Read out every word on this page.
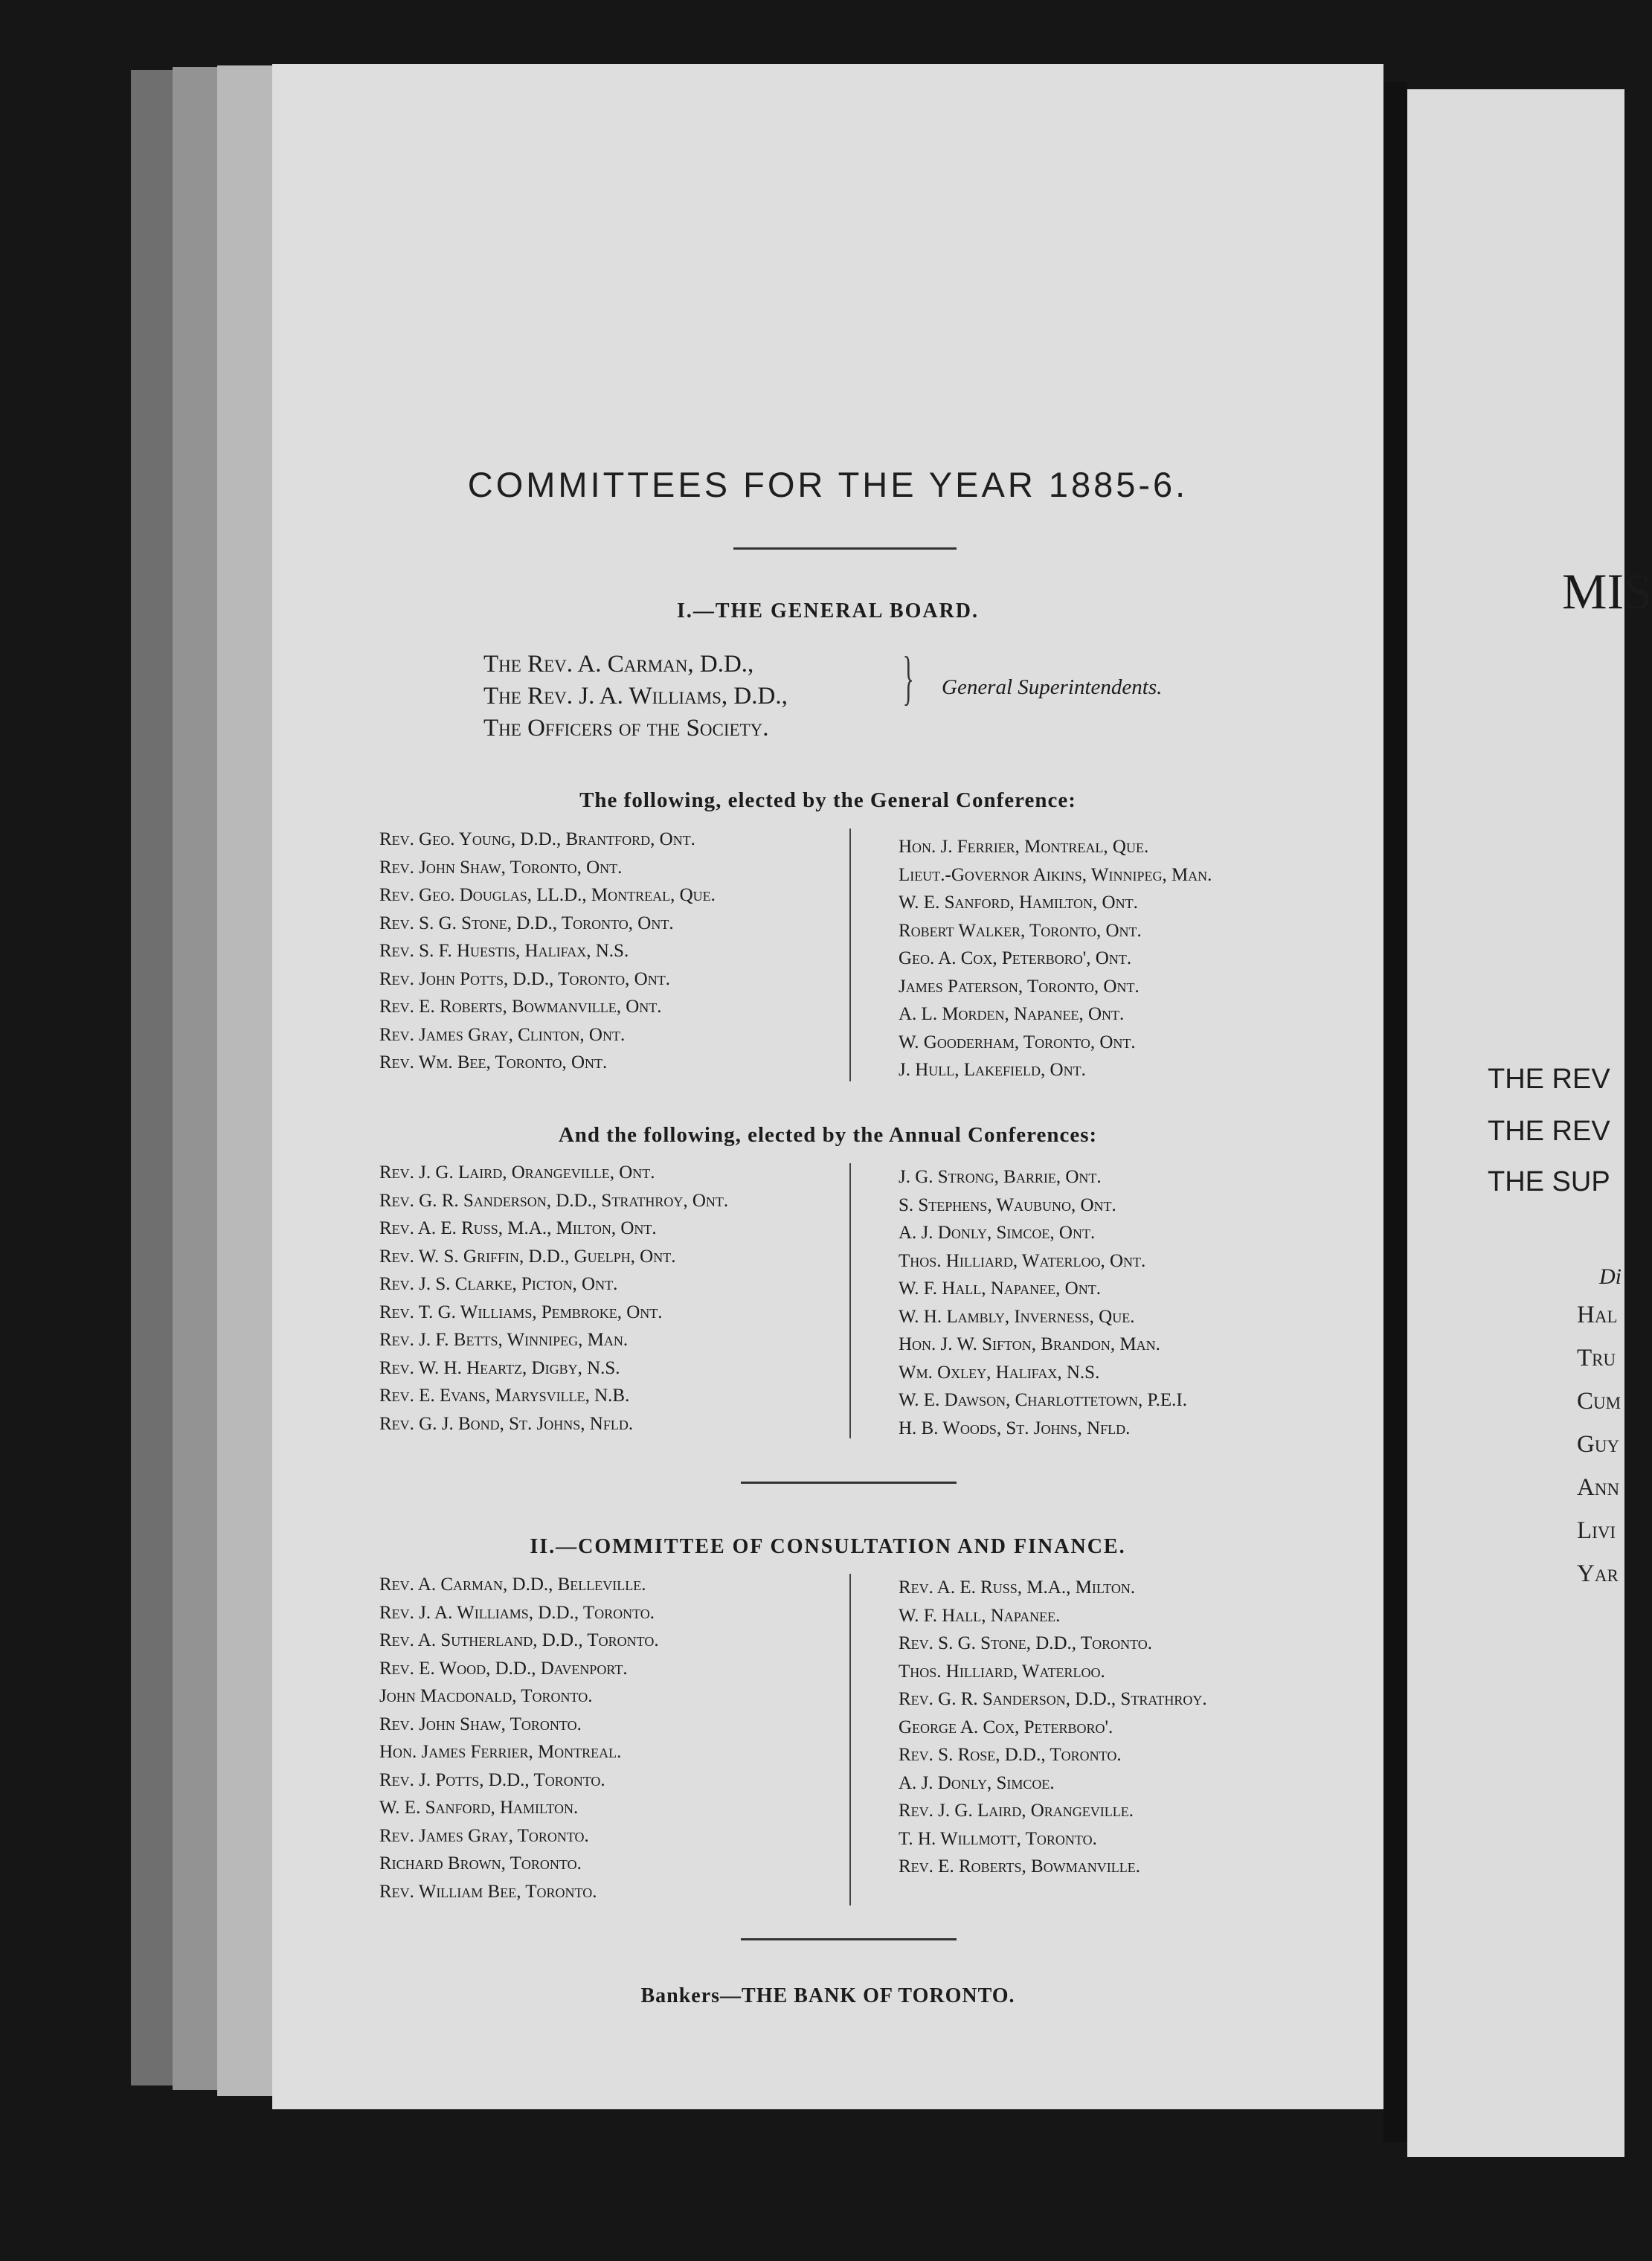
COMMITTEES FOR THE YEAR 1885-6.
I.—THE GENERAL BOARD.
The Rev. A. Carman, D.D.,
The Rev. J. A. Williams, D.D.,
The Officers of the Society.
} General Superintendents.
The following, elected by the General Conference:
Rev. Geo. Young, D.D., Brantford, Ont.
Rev. John Shaw, Toronto, Ont.
Rev. Geo. Douglas, LL.D., Montreal, Que.
Rev. S. G. Stone, D.D., Toronto, Ont.
Rev. S. F. Huestis, Halifax, N.S.
Rev. John Potts, D.D., Toronto, Ont.
Rev. E. Roberts, Bowmanville, Ont.
Rev. James Gray, Clinton, Ont.
Rev. Wm. Bee, Toronto, Ont.
Hon. J. Ferrier, Montreal, Que.
Lieut.-Governor Aikins, Winnipeg, Man.
W. E. Sanford, Hamilton, Ont.
Robert Walker, Toronto, Ont.
Geo. A. Cox, Peterboro', Ont.
James Paterson, Toronto, Ont.
A. L. Morden, Napanee, Ont.
W. Gooderham, Toronto, Ont.
J. Hull, Lakefield, Ont.
And the following, elected by the Annual Conferences:
Rev. J. G. Laird, Orangeville, Ont.
Rev. G. R. Sanderson, D.D., Strathroy, Ont.
Rev. A. E. Russ, M.A., Milton, Ont.
Rev. W. S. Griffin, D.D., Guelph, Ont.
Rev. J. S. Clarke, Picton, Ont.
Rev. T. G. Williams, Pembroke, Ont.
Rev. J. F. Betts, Winnipeg, Man.
Rev. W. H. Heartz, Digby, N.S.
Rev. E. Evans, Marysville, N.B.
Rev. G. J. Bond, St. Johns, Nfld.
J. G. Strong, Barrie, Ont.
S. Stephens, Waubuno, Ont.
A. J. Donly, Simcoe, Ont.
Thos. Hilliard, Waterloo, Ont.
W. F. Hall, Napanee, Ont.
W. H. Lambly, Inverness, Que.
Hon. J. W. Sifton, Brandon, Man.
Wm. Oxley, Halifax, N.S.
W. E. Dawson, Charlottetown, P.E.I.
H. B. Woods, St. Johns, Nfld.
II.—COMMITTEE OF CONSULTATION AND FINANCE.
Rev. A. Carman, D.D., Belleville.
Rev. J. A. Williams, D.D., Toronto.
Rev. A. Sutherland, D.D., Toronto.
Rev. E. Wood, D.D., Davenport.
John Macdonald, Toronto.
Rev. John Shaw, Toronto.
Hon. James Ferrier, Montreal.
Rev. J. Potts, D.D., Toronto.
W. E. Sanford, Hamilton.
Rev. James Gray, Toronto.
Richard Brown, Toronto.
Rev. William Bee, Toronto.
Rev. A. E. Russ, M.A., Milton.
W. F. Hall, Napanee.
Rev. S. G. Stone, D.D., Toronto.
Thos. Hilliard, Waterloo.
Rev. G. R. Sanderson, D.D., Strathroy.
George A. Cox, Peterboro'.
Rev. S. Rose, D.D., Toronto.
A. J. Donly, Simcoe.
Rev. J. G. Laird, Orangeville.
T. H. Willmott, Toronto.
Rev. E. Roberts, Bowmanville.
Bankers—THE BANK OF TORONTO.
MIS
THE REV
THE REV
THE SUP
Di
Hal
Tru
Cum
Guy
Ann
Livi
Yar
